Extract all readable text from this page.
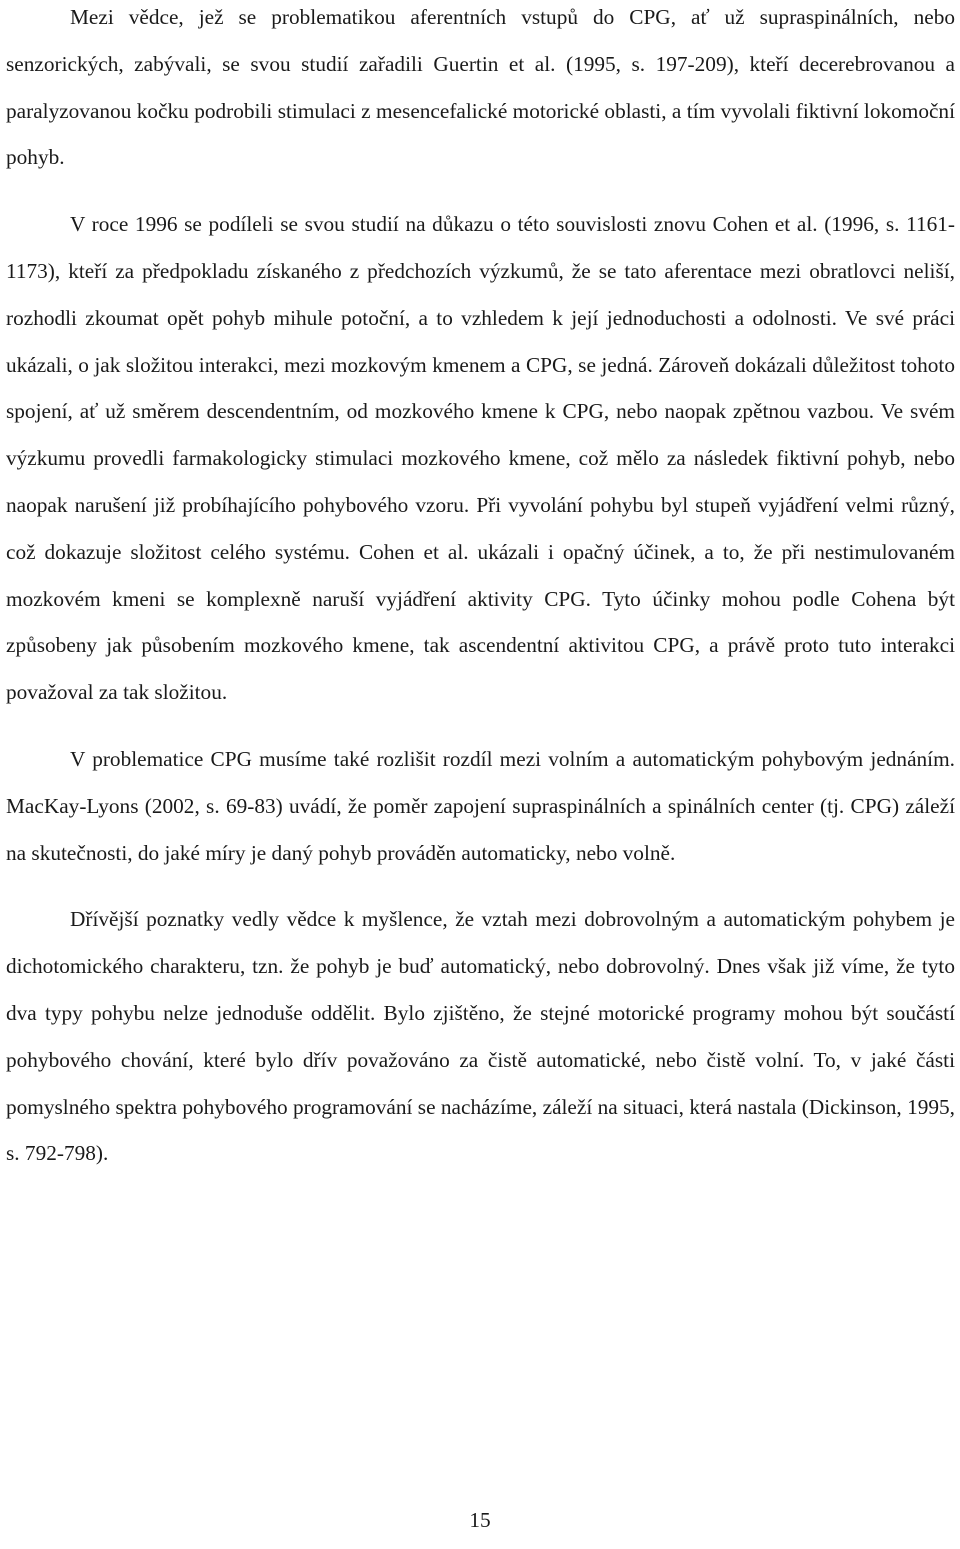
Mezi vědce, jež se problematikou aferentních vstupů do CPG, ať už supraspinálních, nebo senzorických, zabývali, se svou studií zařadili Guertin et al. (1995, s. 197-209), kteří decerebrovanou a paralyzovanou kočku podrobili stimulaci z mesencefalické motorické oblasti, a tím vyvolali fiktivní lokomoční pohyb.

V roce 1996 se podíleli se svou studií na důkazu o této souvislosti znovu Cohen et al. (1996, s. 1161-1173), kteří za předpokladu získaného z předchozích výzkumů, že se tato aferentace mezi obratlovci neliší, rozhodli zkoumat opět pohyb mihule potoční, a to vzhledem k její jednoduchosti a odolnosti. Ve své práci ukázali, o jak složitou interakci, mezi mozkovým kmenem a CPG, se jedná. Zároveň dokázali důležitost tohoto spojení, ať už směrem descendentním, od mozkového kmene k CPG, nebo naopak zpětnou vazbou. Ve svém výzkumu provedli farmakologicky stimulaci mozkového kmene, což mělo za následek fiktivní pohyb, nebo naopak narušení již probíhajícího pohybového vzoru. Při vyvolání pohybu byl stupeň vyjádření velmi různý, což dokazuje složitost celého systému. Cohen et al. ukázali i opačný účinek, a to, že při nestimulovaném mozkovém kmeni se komplexně naruší vyjádření aktivity CPG. Tyto účinky mohou podle Cohena být způsobeny jak působením mozkového kmene, tak ascendentní aktivitou CPG, a právě proto tuto interakci považoval za tak složitou.

V problematice CPG musíme také rozlišit rozdíl mezi volním a automatickým pohybovým jednáním. MacKay-Lyons (2002, s. 69-83) uvádí, že poměr zapojení supraspinálních a spinálních center (tj. CPG) záleží na skutečnosti, do jaké míry je daný pohyb prováděn automaticky, nebo volně.

Dřívější poznatky vedly vědce k myšlence, že vztah mezi dobrovolným a automatickým pohybem je dichotomického charakteru, tzn. že pohyb je buď automatický, nebo dobrovolný. Dnes však již víme, že tyto dva typy pohybu nelze jednoduše oddělit. Bylo zjištěno, že stejné motorické programy mohou být součástí pohybového chování, které bylo dřív považováno za čistě automatické, nebo čistě volní. To, v jaké části pomyslného spektra pohybového programování se nacházíme, záleží na situaci, která nastala (Dickinson, 1995, s. 792-798).

15
